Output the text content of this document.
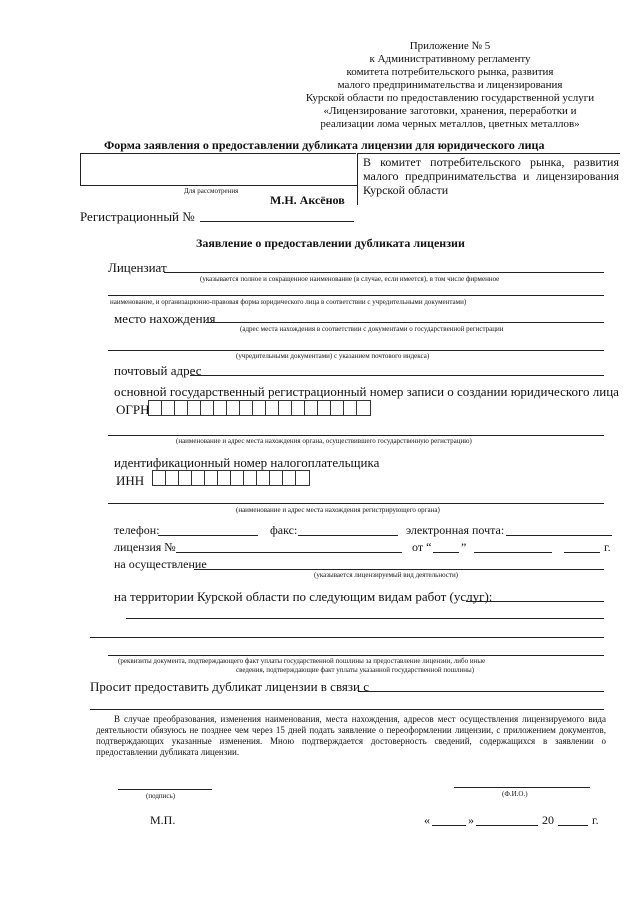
Приложение № 5
к Административному регламенту
комитета потребительского рынка, развития
малого предпринимательства и лицензирования
Курской области по предоставлению государственной услуги
«Лицензирование заготовки, хранения, переработки и
реализации лома черных металлов, цветных металлов»
Форма заявления о предоставлении дубликата лицензии для юридического лица
В комитет потребительского рынка, развития малого предпринимательства и лицензирования Курской области
Для рассмотрения
М.Н. Аксёнов
Регистрационный №
Заявление о предоставлении дубликата лицензии
Лицензиат
(указывается полное и сокращенное наименование (в случае, если имеется), в том числе фирменное
наименование, и организационно-правовая форма юридического лица в соответствии с учредительными документами)
место нахождения
(адрес места нахождения в соответствии с документами о государственной регистрации
(учредительными документами) с указанием почтового индекса)
почтовый адрес
основной государственный регистрационный номер записи о создании юридического лица
ОГРН
(наименование и адрес места нахождения органа, осуществившего государственную регистрацию)
идентификационный номер налогоплательщика
ИНН
(наименование и адрес места нахождения регистрирующего органа)
телефон:	факс:	электронная почта:
лицензия №	от “ ”	г.
на осуществление
(указывается лицензируемый вид деятельности)
на территории Курской области по следующим видам работ (услуг):
(реквизиты документа, подтверждающего факт уплаты государственной пошлины за предоставление лицензии, либо иные
сведения, подтверждающие факт уплаты указанной государственной пошлины)
Просит предоставить дубликат лицензии в связи с
В случае преобразования, изменения наименования, места нахождения, адресов мест осуществления лицензируемого вида деятельности обязуюсь не позднее чем через 15 дней подать заявление о переоформлении лицензии, с приложением документов, подтверждающих указанные изменения. Мною подтверждается достоверность сведений, содержащихся в заявлении о предоставлении дубликата лицензии.
(подпись)	(Ф.И.О.)
М.П.	«	»	20	г.
